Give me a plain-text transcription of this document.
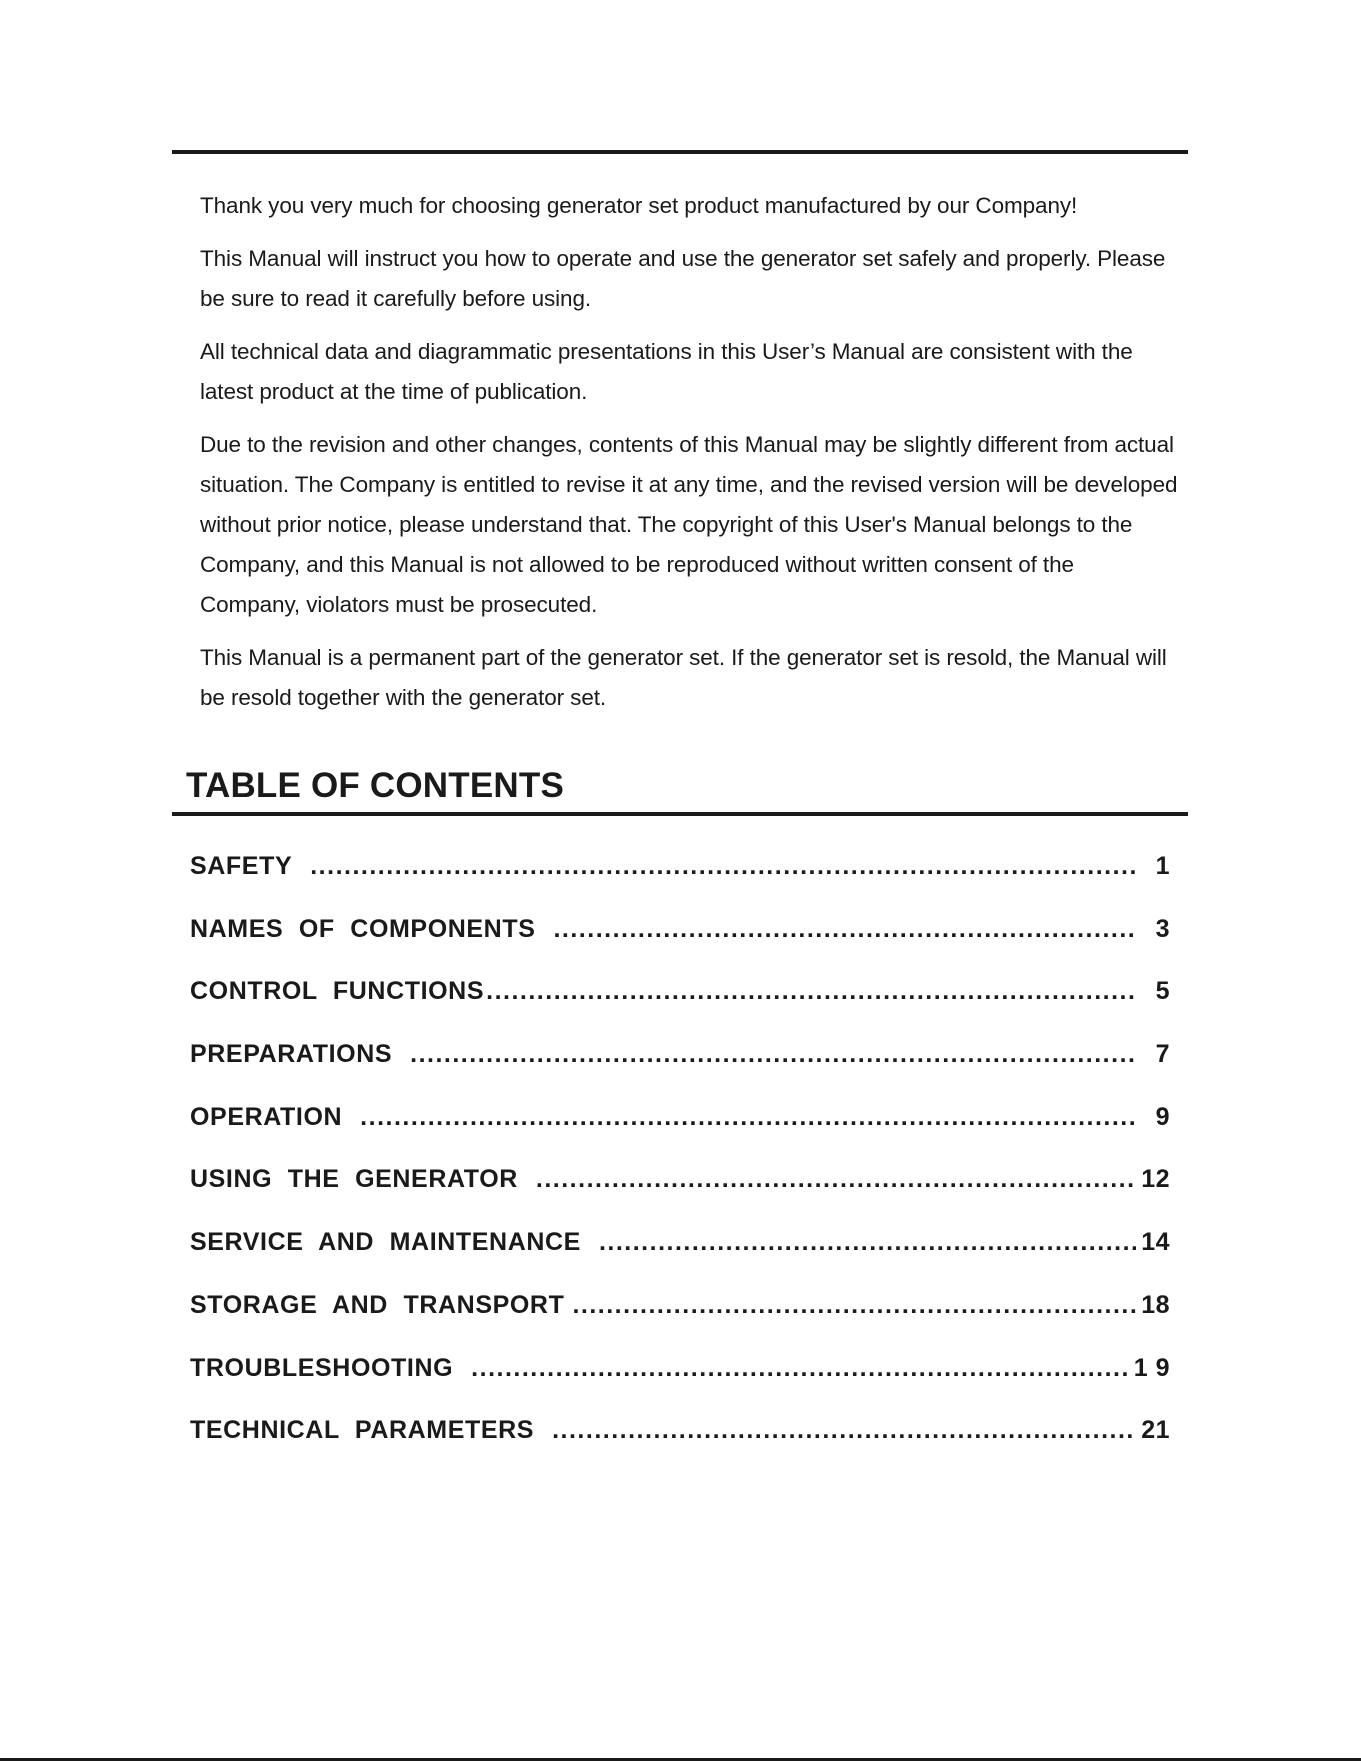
Thank you very much for choosing generator set product manufactured by our Company!

This Manual will instruct you how to operate and use the generator set safely and properly. Please be sure to read it carefully before using.

All technical data and diagrammatic presentations in this User’s Manual are consistent with the latest product at the time of publication.

Due to the revision and other changes, contents of this Manual may be slightly different from actual situation. The Company is entitled to revise it at any time, and the revised version will be developed without prior notice, please understand that. The copyright of this User's Manual belongs to the Company, and this Manual is not allowed to be reproduced without written consent of the Company, violators must be prosecuted.

This Manual is a permanent part of the generator set. If the generator set is resold, the Manual will be resold together with the generator set.

TABLE OF CONTENTS
SAFETY .....	1
NAMES OF COMPONENTS .....	3
CONTROL FUNCTIONS .....	5
PREPARATIONS .....	7
OPERATION .....	9
USING THE GENERATOR .....	12
SERVICE AND MAINTENANCE .....	14
STORAGE AND TRANSPORT .....	18
TROUBLESHOOTING .....	1 9
TECHNICAL PARAMETERS .....	21
